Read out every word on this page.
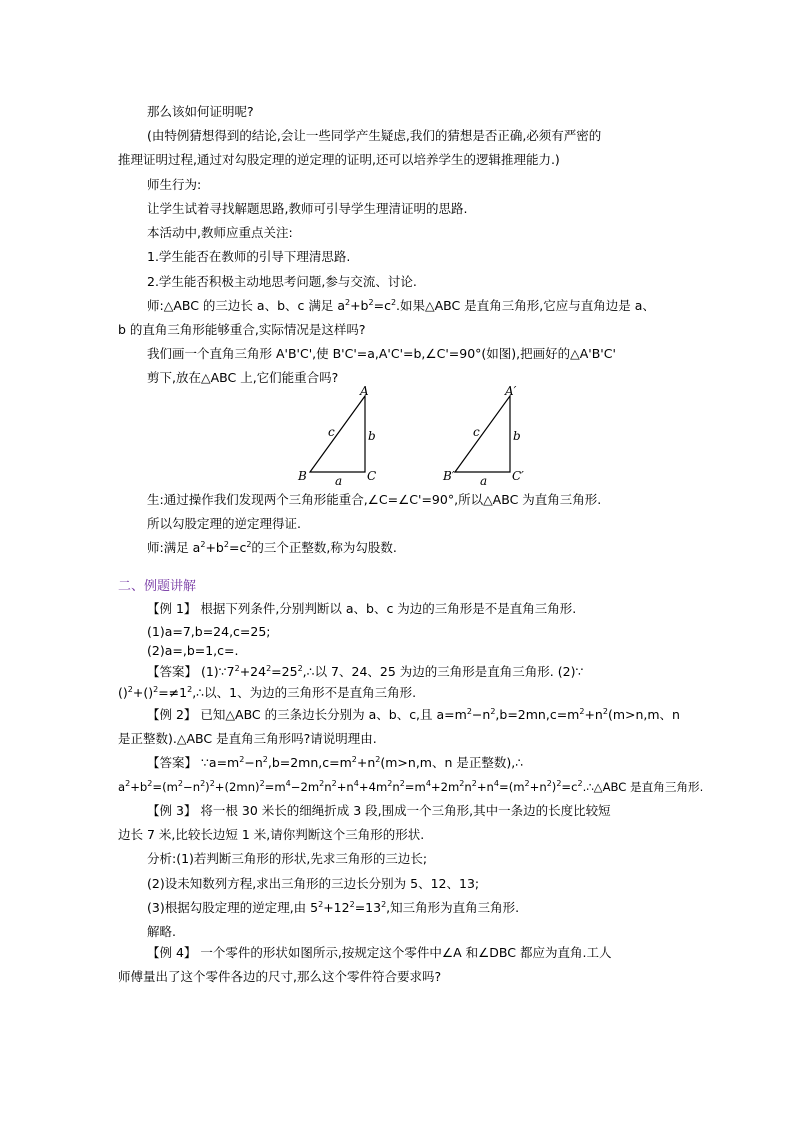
那么该如何证明呢?
(由特例猜想得到的结论,会让一些同学产生疑虑,我们的猜想是否正确,必须有严密的
推理证明过程,通过对勾股定理的逆定理的证明,还可以培养学生的逻辑推理能力.)
师生行为:
让学生试着寻找解题思路,教师可引导学生理清证明的思路.
本活动中,教师应重点关注:
1.学生能否在教师的引导下理清思路.
2.学生能否积极主动地思考问题,参与交流、讨论.
师:△ABC 的三边长 a、b、c 满足 $a^2+b^2=c^2$.如果△ABC 是直角三角形,它应与直角边是 a、
b 的直角三角形能够重合,实际情况是这样吗?
我们画一个直角三角形 A'B'C',使 B'C'=a,A'C'=b,∠C'=90°(如图),把画好的△A'B'C'
剪下,放在△ABC 上,它们能重合吗?
A
B	C
a
b
c
A′
B′	C′
a
b
c
生:通过操作我们发现两个三角形能重合,∠C=∠C'=90°,所以△ABC 为直角三角形.
所以勾股定理的逆定理得证.
师:满足 $a^2+b^2=c^2$的三个正整数,称为勾股数.
二、例题讲解
【例 1】 根据下列条件,分别判断以 a、b、c 为边的三角形是不是直角三角形.
(1)a=7,b=24,c=25;
(2)a=,b=1,c=.
【答案】 $(1)\because 7^2+24^2=25^2,\therefore$以 7、24、25 为边的三角形是直角三角形. (2)∵
$()^2+()^2=\ne 1^2,\therefore$以、1、为边的三角形不是直角三角形.
【例 2】 已知△ABC 的三条边长分别为 a、b、c,且 $a=m^2-n^2,b=2mn,c=m^2+n^2(m>n,m$、n
是正整数).△ABC 是直角三角形吗?请说明理由.
【答案】 $\because a=m^2-n^2,b=2mn,c=m^2+n^2(m>n,m$、n 是正整数),∴
$a^2+b^2=(m^2-n^2)^2+(2mn)^2=m^4-2m^2n^2+n^4+4m^2n^2=m^4+2m^2n^2+n^4=(m^2+n^2)^2=c^2.\therefore\triangle ABC$ 是直角三角形.
【例 3】 将一根 30 米长的细绳折成 3 段,围成一个三角形,其中一条边的长度比较短
边长 7 米,比较长边短 1 米,请你判断这个三角形的形状.
分析:(1)若判断三角形的形状,先求三角形的三边长;
(2)设未知数列方程,求出三角形的三边长分别为 5、12、13;
(3)根据勾股定理的逆定理,由 $5^2+12^2=13^2$,知三角形为直角三角形.
解略.
【例 4】 一个零件的形状如图所示,按规定这个零件中∠A 和∠DBC 都应为直角.工人
师傅量出了这个零件各边的尺寸,那么这个零件符合要求吗?
